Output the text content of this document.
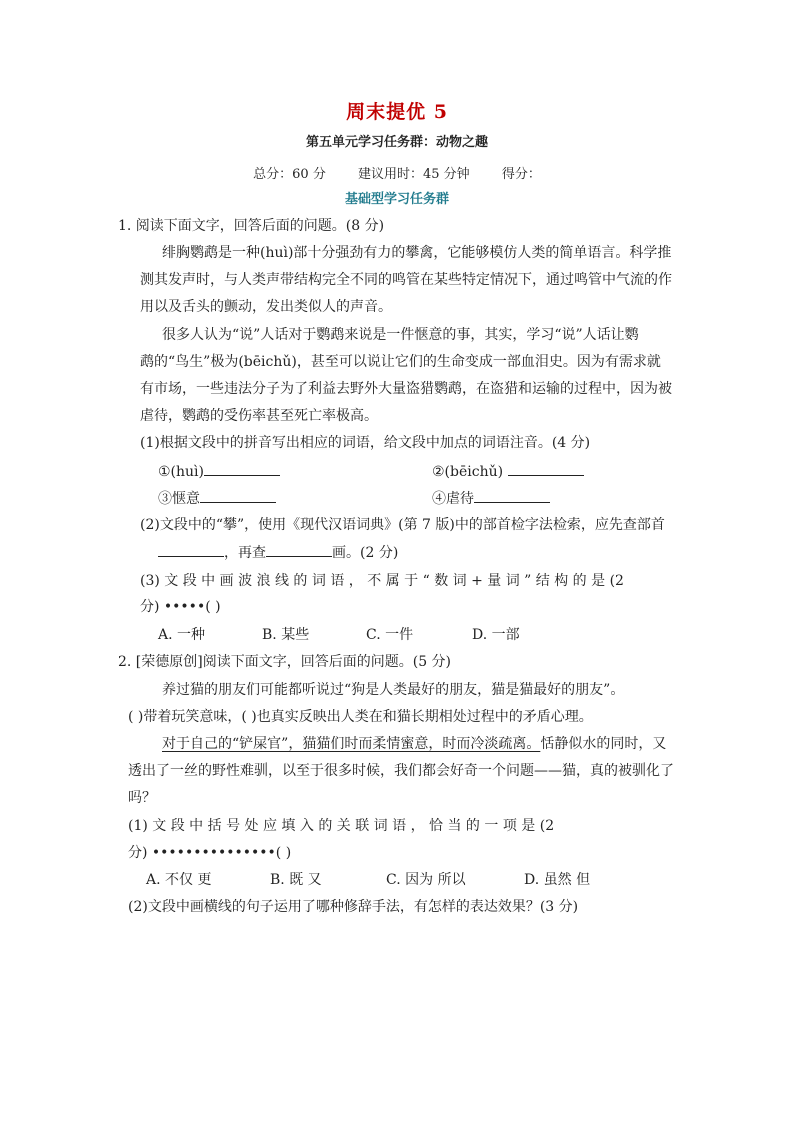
周末提优 5
第五单元学习任务群：动物之趣
总分：60 分 建议用时：45 分钟 得分：
基础型学习任务群
1. 阅读下面文字，回答后面的问题。(8 分)
绯胸鹦鹉是一种(huì)部十分强劲有力的攀禽，它能够模仿人类的简单语言。科学推
测其发声时，与人类声带结构完全不同的鸣管在某些特定情况下，通过鸣管中气流的作
用以及舌头的颤动，发出类似人的声音。
很多人认为“说”人话对于鹦鹉来说是一件惬意的事，其实，学习“说”人话让鹦
鹉的“鸟生”极为(bēichǔ)，甚至可以说让它们的生命变成一部血泪史。因为有需求就
有市场，一些违法分子为了利益去野外大量盗猎鹦鹉，在盗猎和运输的过程中，因为被
虐待，鹦鹉的受伤率甚至死亡率极高。
(1)根据文段中的拼音写出相应的词语，给文段中加点的词语注音。(4 分)
①(huì)	②(bēichǔ)
③惬意	④虐待
(2)文段中的“攀”，使用《现代汉语词典》(第 7 版)中的部首检字法检索，应先查部首
，再查	画。(2 分)
(3) 文 段 中 画 波 浪 线 的 词 语 ， 不 属 于 “ 数 词 + 量 词 ” 结 构 的 是 (2
分) •••••( )
A. 一种	B. 某些	C. 一件	D. 一部
2. [荣德原创]阅读下面文字，回答后面的问题。(5 分)
养过猫的朋友们可能都听说过“狗是人类最好的朋友，猫是猫最好的朋友”。
( )带着玩笑意味，( )也真实反映出人类在和猫长期相处过程中的矛盾心理。
对于自己的“铲屎官”，猫猫们时而柔情蜜意，时而冷淡疏离。恬静似水的同时，又
透出了一丝的野性难驯，以至于很多时候，我们都会好奇一个问题——猫，真的被驯化了
吗？
(1) 文 段 中 括 号 处 应 填 入 的 关 联 词 语 ， 恰 当 的 一 项 是 (2
分) •••••••••••••••( )
A. 不仅 更	B. 既 又	C. 因为 所以	D. 虽然 但
(2)文段中画横线的句子运用了哪种修辞手法，有怎样的表达效果？(3 分)
